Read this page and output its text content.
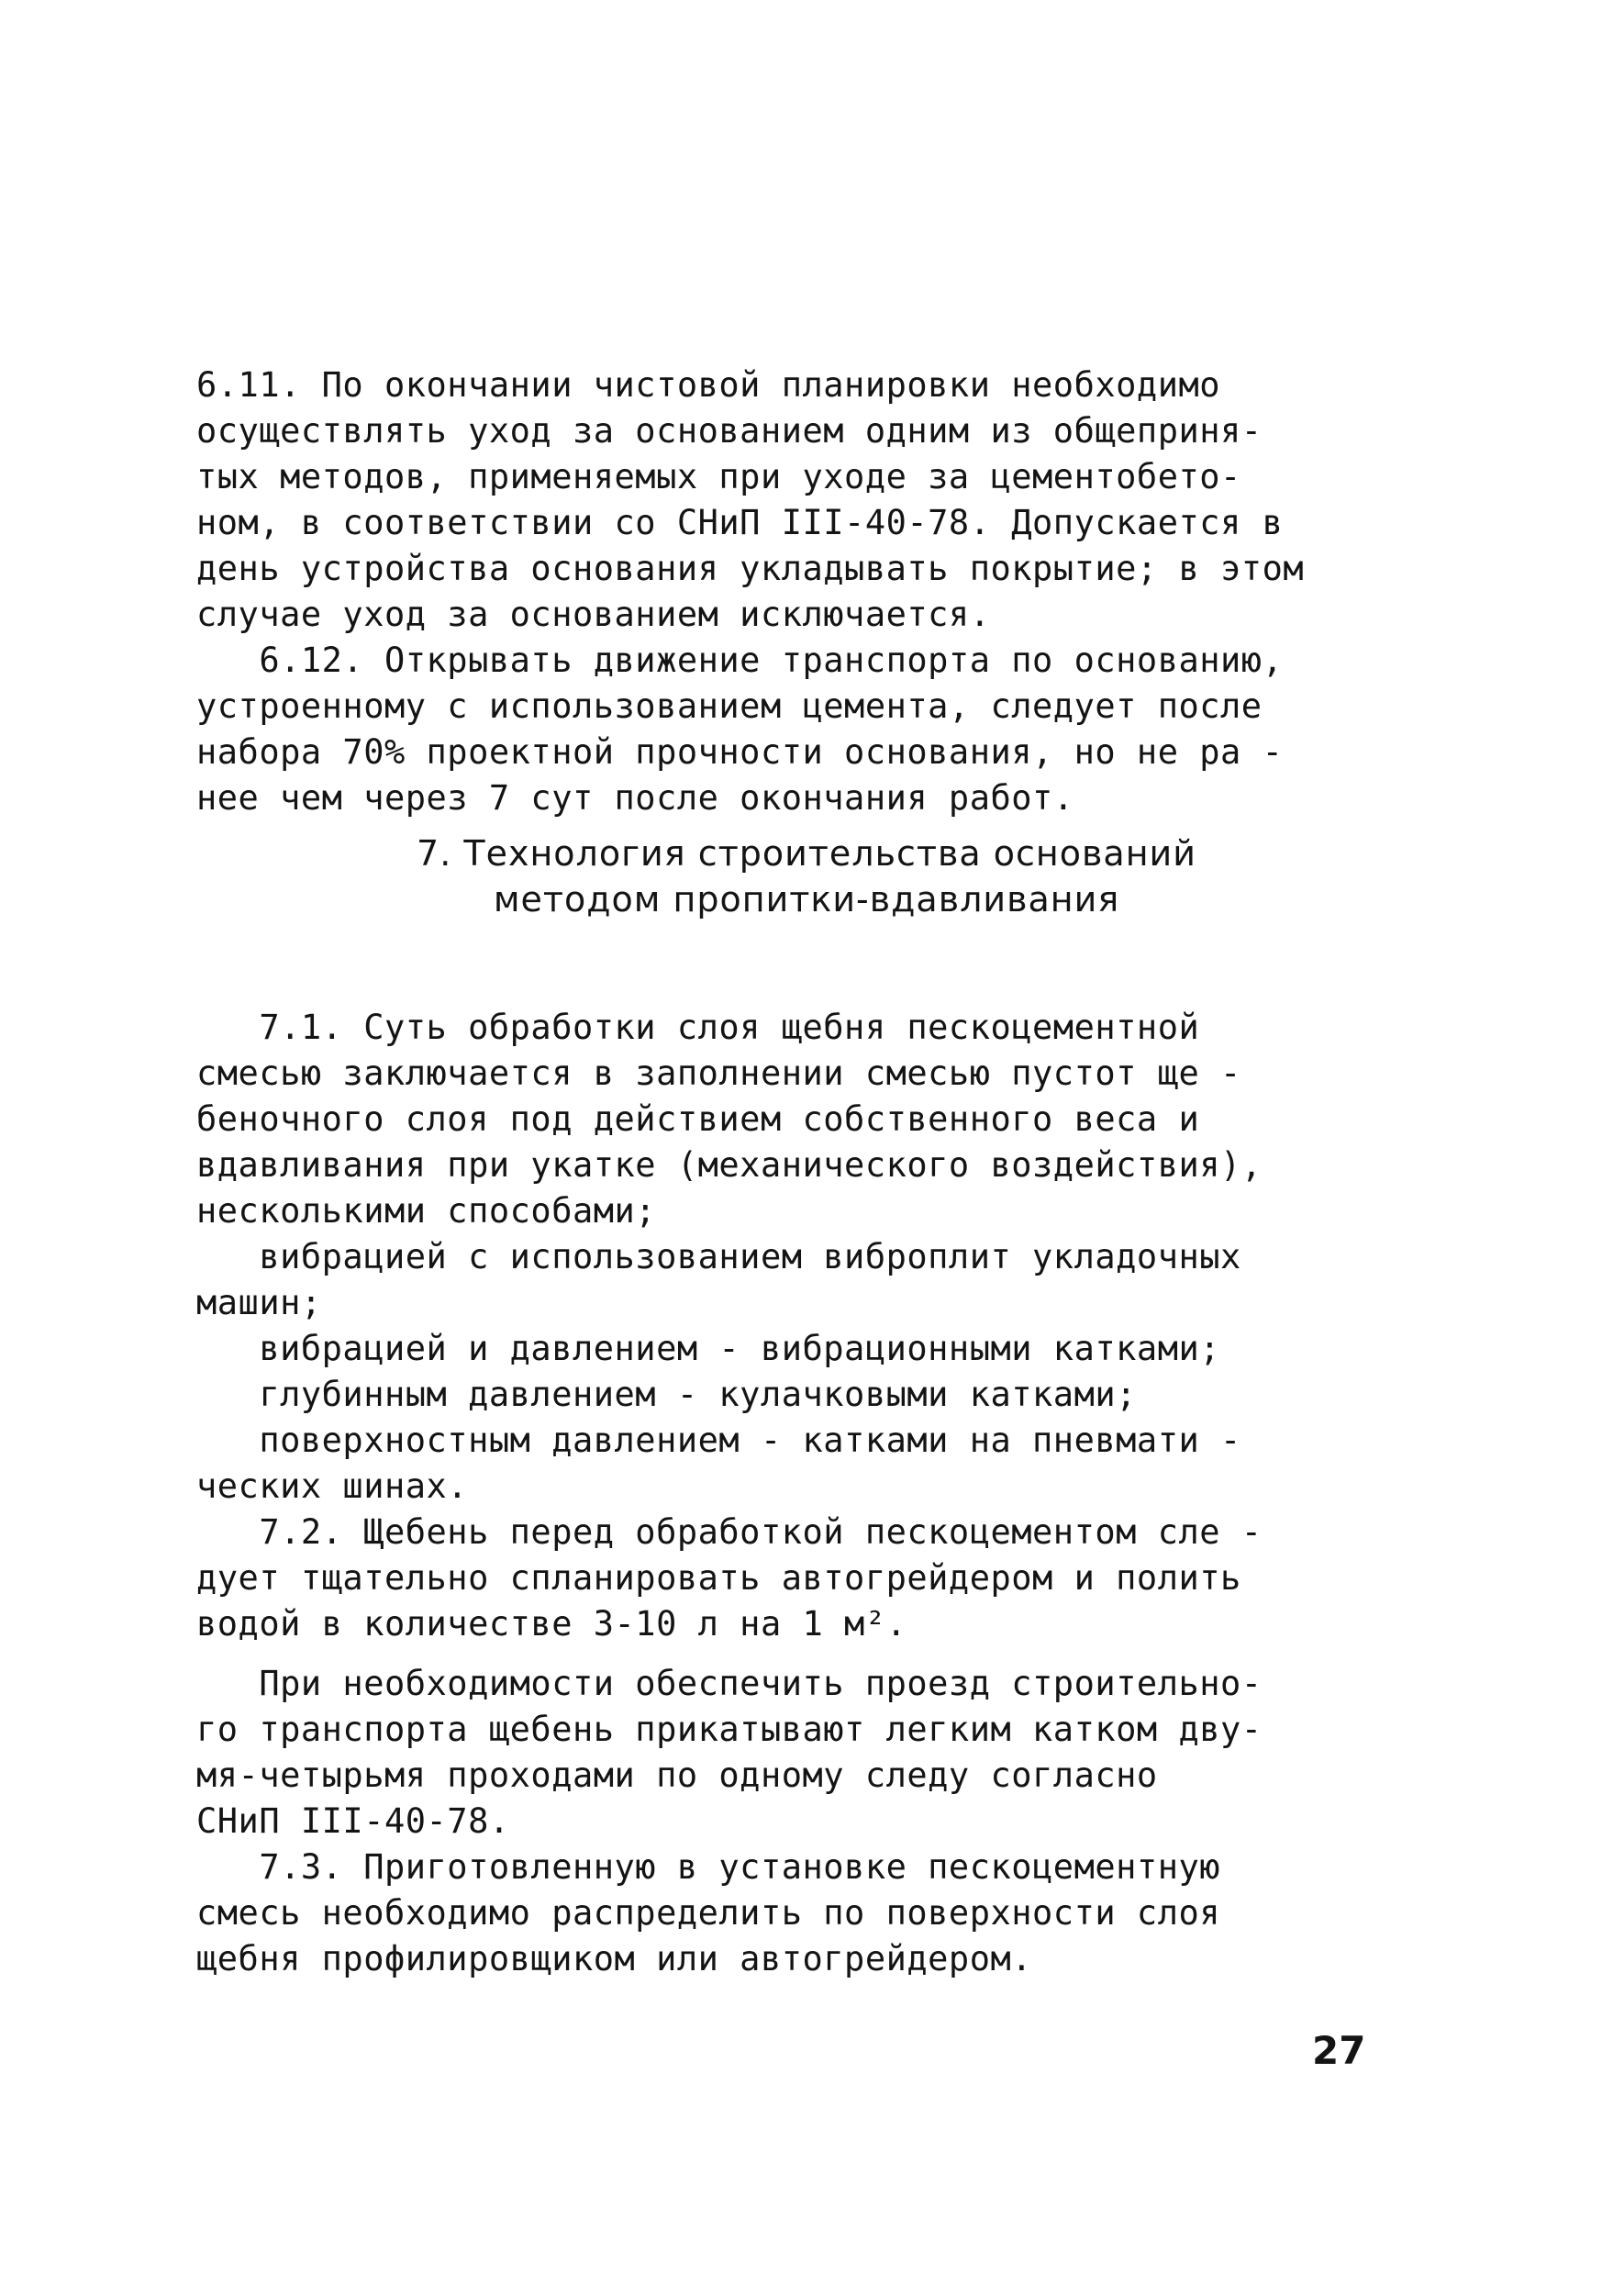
6.11. По окончании чистовой планировки необходимо
осуществлять уход за основанием одним из общеприня-
тых методов, применяемых при уходе за цементобето-
ном, в соответствии со СНиП III-40-78. Допускается в
день устройства основания укладывать покрытие; в этом
случае уход за основанием исключается.
6.12. Открывать движение транспорта по основанию,
устроенному с использованием цемента, следует после
набора 70% проектной прочности основания, но не ра -
нее чем через 7 сут после окончания работ.
7. Технология строительства оснований
методом пропитки-вдавливания
7.1. Суть обработки слоя щебня пескоцементной
смесью заключается в заполнении смесью пустот ще -
беночного слоя под действием собственного веса и
вдавливания при укатке (механического воздействия),
несколькими способами;
вибрацией с использованием виброплит укладочных
машин;
вибрацией и давлением - вибрационными катками;
глубинным давлением - кулачковыми катками;
поверхностным давлением - катками на пневмати -
ческих шинах.
7.2. Щебень перед обработкой пескоцементом сле -
дует тщательно спланировать автогрейдером и полить
водой в количестве 3-10 л на 1 м².
При необходимости обеспечить проезд строительно-
го транспорта щебень прикатывают легким катком дву-
мя-четырьмя проходами по одному следу согласно
СНиП III-40-78.
7.3. Приготовленную в установке пескоцементную
смесь необходимо распределить по поверхности слоя
щебня профилировщиком или автогрейдером.
27
